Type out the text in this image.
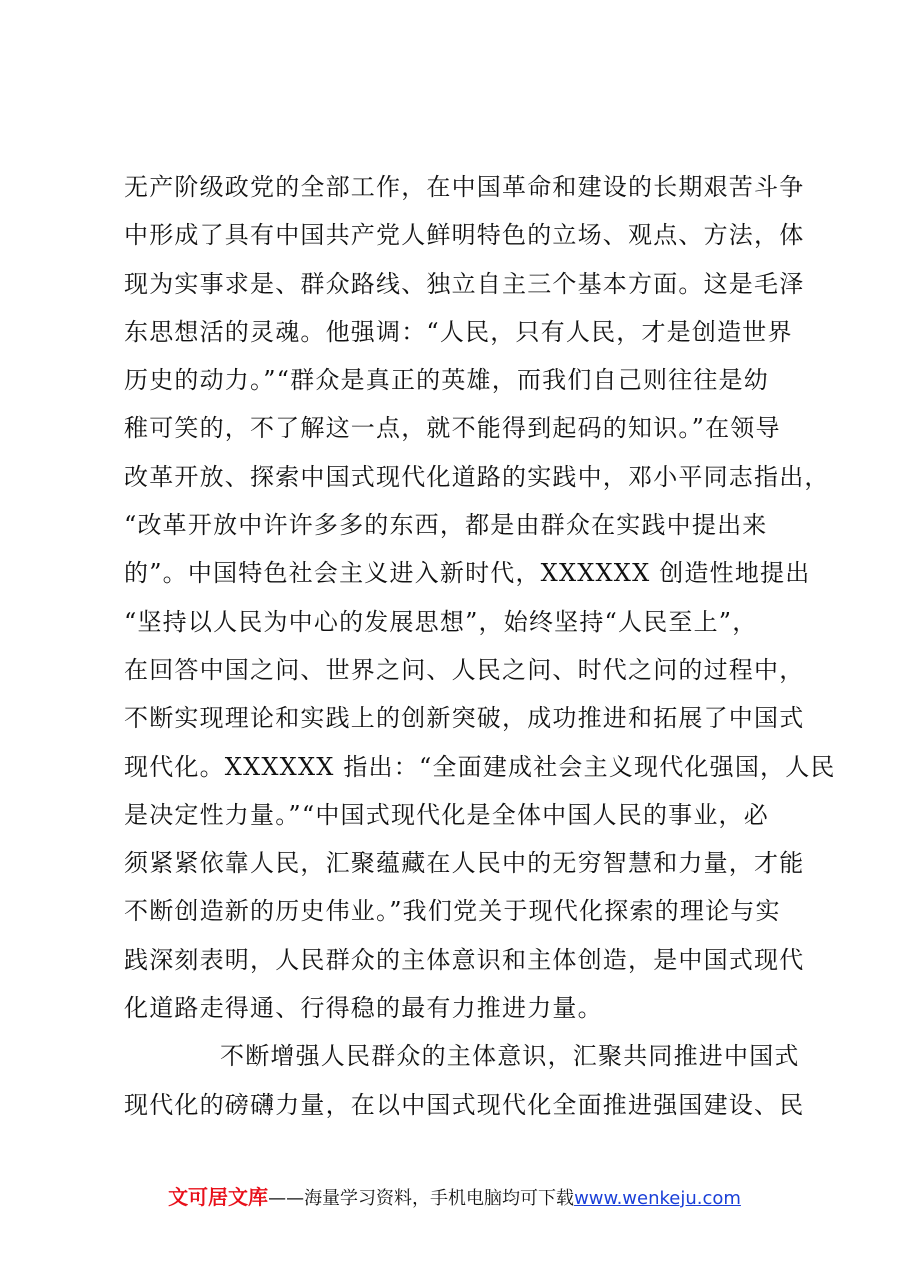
无产阶级政党的全部工作，在中国革命和建设的长期艰苦斗争
中形成了具有中国共产党人鲜明特色的立场、观点、方法，体
现为实事求是、群众路线、独立自主三个基本方面。这是毛泽
东思想活的灵魂。他强调：“人民，只有人民，才是创造世界
历史的动力。”“群众是真正的英雄，而我们自己则往往是幼
稚可笑的，不了解这一点，就不能得到起码的知识。”在领导
改革开放、探索中国式现代化道路的实践中，邓小平同志指出，
“改革开放中许许多多的东西，都是由群众在实践中提出来
的”。中国特色社会主义进入新时代，XXXXXX 创造性地提出
“坚持以人民为中心的发展思想”，始终坚持“人民至上”，
在回答中国之问、世界之问、人民之问、时代之问的过程中，
不断实现理论和实践上的创新突破，成功推进和拓展了中国式
现代化。XXXXXX 指出：“全面建成社会主义现代化强国，人民
是决定性力量。”“中国式现代化是全体中国人民的事业，必
须紧紧依靠人民，汇聚蕴藏在人民中的无穷智慧和力量，才能
不断创造新的历史伟业。”我们党关于现代化探索的理论与实
践深刻表明，人民群众的主体意识和主体创造，是中国式现代
化道路走得通、行得稳的最有力推进力量。
不断增强人民群众的主体意识，汇聚共同推进中国式
现代化的磅礴力量，在以中国式现代化全面推进强国建设、民
文可居文库——海量学习资料，手机电脑均可下载www.wenkeju.com
